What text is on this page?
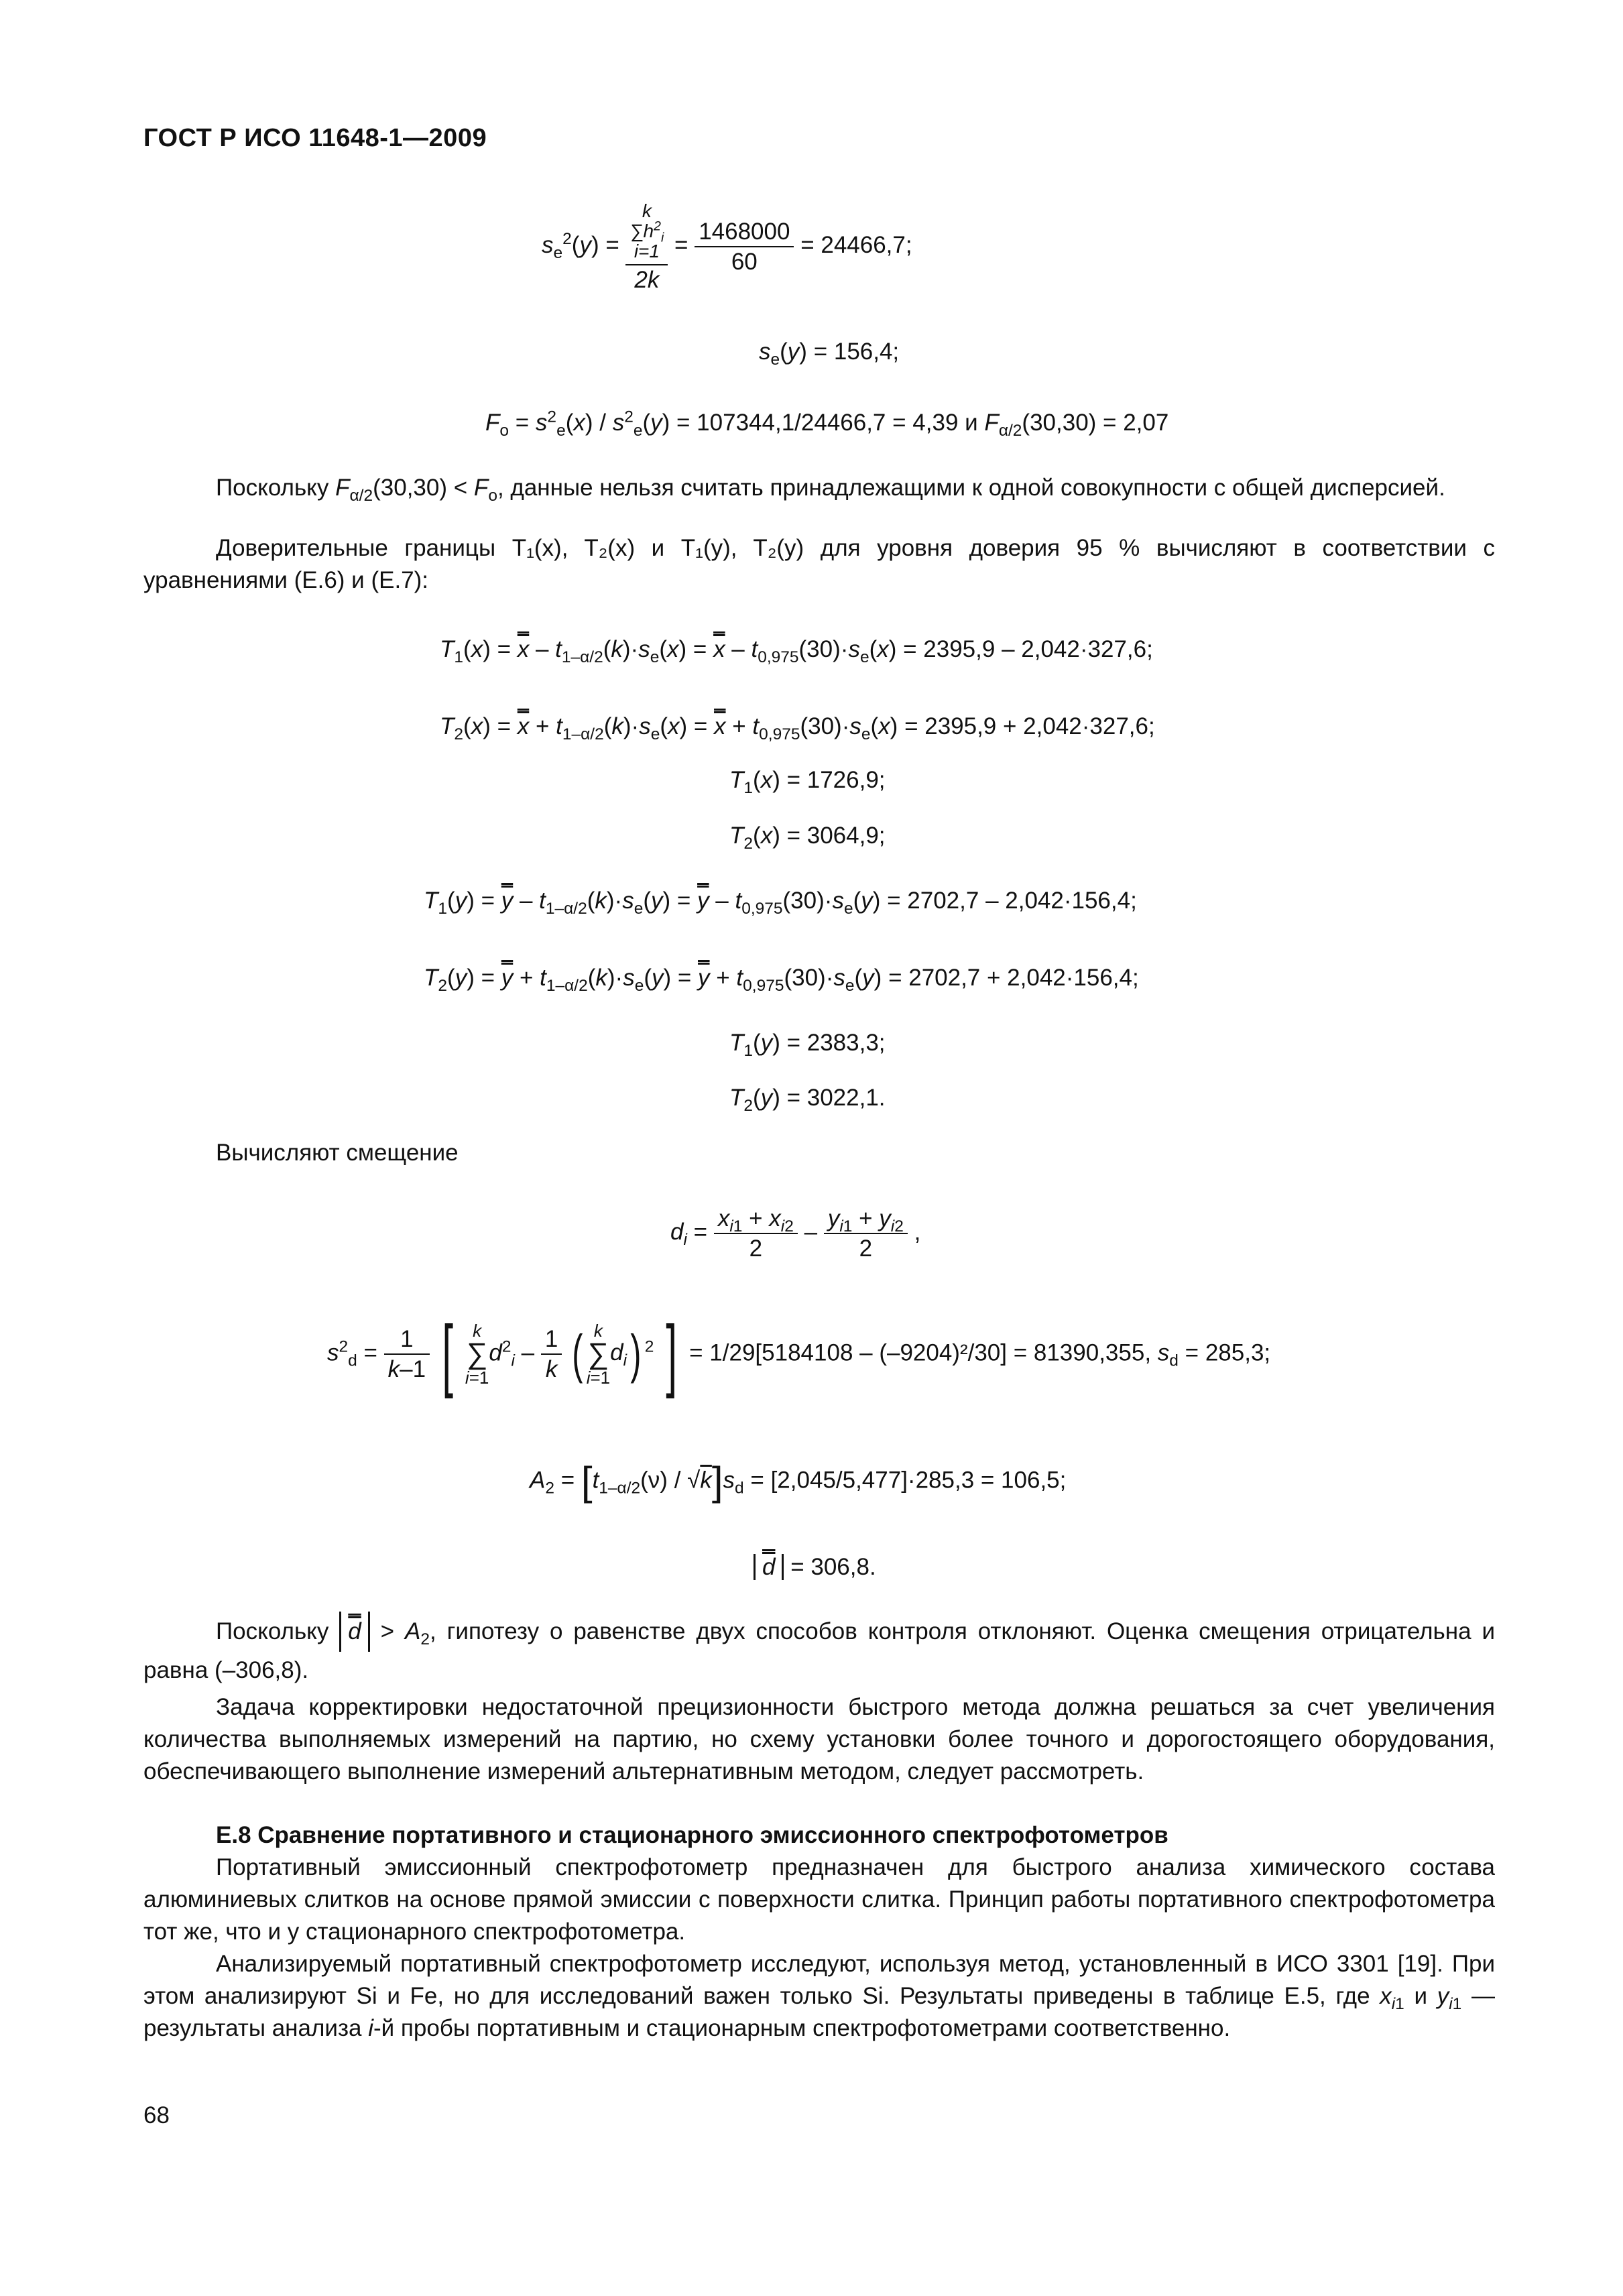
ГОСТ Р ИСО 11648-1—2009
$s_e^2(y)$ =
k
$\sum h^2_i$
i=1
2k
= $\frac{1468000}{60} = 24466,7$;
$s_e(y) = 156,4$;
$F_o = s^2_e(x) / s^2_e(y) = 107344,1/24466,7 = 4,39$ и $F_{\alpha/2}(30,30) = 2,07$
Поскольку $F_{\alpha/2}(30,30) < F_o$, данные нельзя считать принадлежащими к одной совокупности с общей дисперсией.
Доверительные границы T₁(x), T₂(x) и T₁(y), T₂(y) для уровня доверия 95 % вычисляют в соответствии с уравнениями (Е.6) и (Е.7):
$T_1(x) = x - t_{1-\alpha/2}(k)\cdot s_e(x) = x - t_{0,975}(30)\cdot s_e(x) = 2395,9 - 2,042\cdot 327,6$;
$T_2(x) = x + t_{1-\alpha/2}(k)\cdot s_e(x) = x + t_{0,975}(30)\cdot s_e(x) = 2395,9 + 2,042\cdot 327,6$;
$T_1(x) = 1726,9$;
$T_2(x) = 3064,9$;
$T_1(y) = y - t_{1-\alpha/2}(k)\cdot s_e(y) = y - t_{0,975}(30)\cdot s_e(y) = 2702,7 - 2,042\cdot 156,4$;
$T_2(y) = y + t_{1-\alpha/2}(k)\cdot s_e(y) = y + t_{0,975}(30)\cdot s_e(y) = 2702,7 + 2,042\cdot 156,4$;
$T_1(y) = 2383,3$;
$T_2(y) = 3022,1$.
Вычисляют смещение
$d_i = \frac{x_{i1} + x_{i2}}{2} - \frac{y_{i1} + y_{i2}}{2}$ ,
$s^2_d = \frac{1}{k-1}$ [ k
∑
$i=1d^2_i - \frac{1}{k}$ ( k
∑
$i=1d_i$) $^2$ ] = 1/29[5184108 – (–9204)²/30] = 81390,355, $s_d = 285,3$;
$A_2 = [t_{1-\alpha/2}(\nu) / √k]s_d = [2,045/5,477]\cdot 285,3 = 106,5$;
d = 306,8.
Поскольку $d > A_2$, гипотезу о равенстве двух способов контроля отклоняют. Оценка смещения отрицательна и равна (–306,8).
Задача корректировки недостаточной прецизионности быстрого метода должна решаться за счет увеличения количества выполняемых измерений на партию, но схему установки более точного и дорогостоящего оборудования, обеспечивающего выполнение измерений альтернативным методом, следует рассмотреть.
Е.8 Сравнение портативного и стационарного эмиссионного спектрофотометров
Портативный эмиссионный спектрофотометр предназначен для быстрого анализа химического состава алюминиевых слитков на основе прямой эмиссии с поверхности слитка. Принцип работы портативного спектрофотометра тот же, что и у стационарного спектрофотометра.
Анализируемый портативный спектрофотометр исследуют, используя метод, установленный в ИСО 3301 [19]. При этом анализируют Si и Fe, но для исследований важен только Si. Результаты приведены в таблице Е.5, где $x_{i1}$ и $y_{i1}$ — результаты анализа i-й пробы портативным и стационарным спектрофотометрами соответственно.
68
